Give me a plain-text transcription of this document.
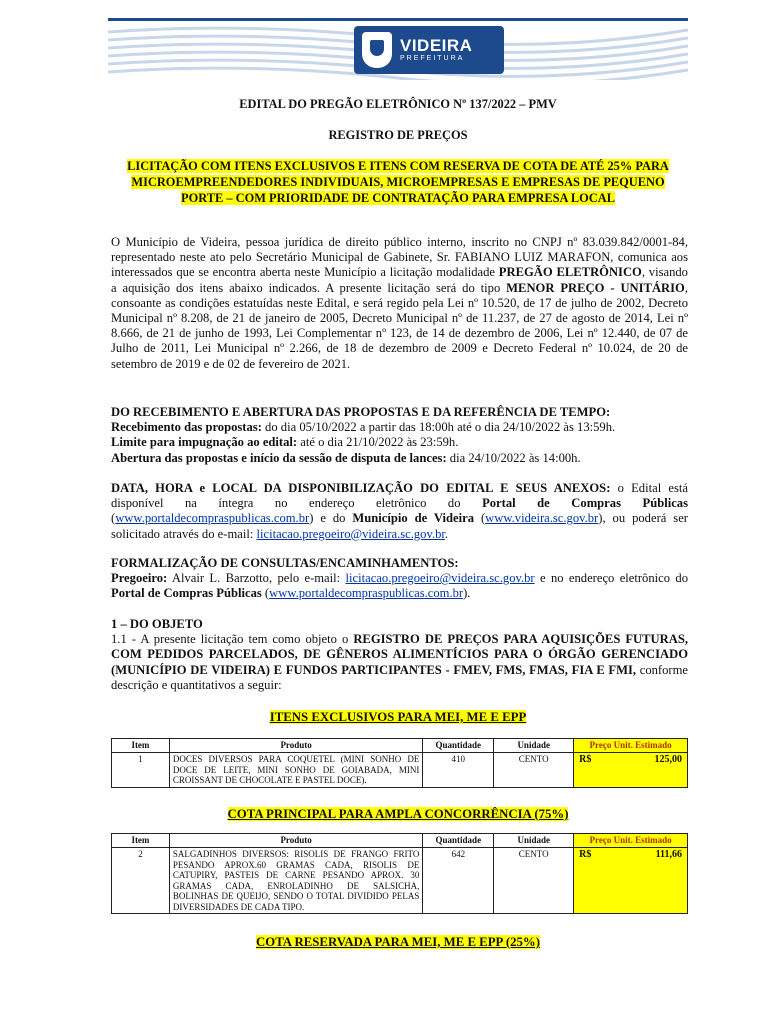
VIDEIRA
PREFEITURA
EDITAL DO PREGÃO ELETRÔNICO Nº 137/2022 – PMV
REGISTRO DE PREÇOS
LICITAÇÃO COM ITENS EXCLUSIVOS E ITENS COM RESERVA DE COTA DE ATÉ 25% PARA MICROEMPREENDEDORES INDIVIDUAIS, MICROEMPRESAS E EMPRESAS DE PEQUENO PORTE – COM PRIORIDADE DE CONTRATAÇÃO PARA EMPRESA LOCAL
O Município de Videira, pessoa jurídica de direito público interno, inscrito no CNPJ nº 83.039.842/0001-84, representado neste ato pelo Secretário Municipal de Gabinete, Sr. FABIANO LUIZ MARAFON, comunica aos interessados que se encontra aberta neste Município a licitação modalidade PREGÃO ELETRÔNICO, visando a aquisição dos itens abaixo indicados. A presente licitação será do tipo MENOR PREÇO - UNITÁRIO, consoante as condições estatuídas neste Edital, e será regido pela Lei nº 10.520, de 17 de julho de 2002, Decreto Municipal nº 8.208, de 21 de janeiro de 2005, Decreto Municipal nº de 11.237, de 27 de agosto de 2014, Lei nº 8.666, de 21 de junho de 1993, Lei Complementar nº 123, de 14 de dezembro de 2006, Lei nº 12.440, de 07 de Julho de 2011, Lei Municipal nº 2.266, de 18 de dezembro de 2009 e Decreto Federal nº 10.024, de 20 de setembro de 2019 e de 02 de fevereiro de 2021.
DO RECEBIMENTO E ABERTURA DAS PROPOSTAS E DA REFERÊNCIA DE TEMPO:
Recebimento das propostas: do dia 05/10/2022 a partir das 18:00h até o dia 24/10/2022 às 13:59h.
Limite para impugnação ao edital: até o dia 21/10/2022 às 23:59h.
Abertura das propostas e início da sessão de disputa de lances: dia 24/10/2022 às 14:00h.
DATA, HORA e LOCAL DA DISPONIBILIZAÇÃO DO EDITAL E SEUS ANEXOS: o Edital está disponível na íntegra no endereço eletrônico do Portal de Compras Públicas (www.portaldecompraspublicas.com.br) e do Município de Videira (www.videira.sc.gov.br), ou poderá ser solicitado através do e-mail: licitacao.pregoeiro@videira.sc.gov.br.
FORMALIZAÇÃO DE CONSULTAS/ENCAMINHAMENTOS:
Pregoeiro: Alvair L. Barzotto, pelo e-mail: licitacao.pregoeiro@videira.sc.gov.br e no endereço eletrônico do Portal de Compras Públicas (www.portaldecompraspublicas.com.br).
1 – DO OBJETO
1.1 - A presente licitação tem como objeto o REGISTRO DE PREÇOS PARA AQUISIÇÕES FUTURAS, COM PEDIDOS PARCELADOS, DE GÊNEROS ALIMENTÍCIOS PARA O ÓRGÃO GERENCIADO (MUNICÍPIO DE VIDEIRA) E FUNDOS PARTICIPANTES - FMEV, FMS, FMAS, FIA E FMI, conforme descrição e quantitativos a seguir:
ITENS EXCLUSIVOS PARA MEI, ME E EPP
Item	Produto	Quantidade	Unidade	Preço Unit. Estimado
1	DOCES DIVERSOS PARA COQUETEL (MINI SONHO DE DOCE DE LEITE, MINI SONHO DE GOIABADA, MINI CROISSANT DE CHOCOLATE E PASTEL DOCE).	410	CENTO	R$ 125,00
COTA PRINCIPAL PARA AMPLA CONCORRÊNCIA (75%)
Item	Produto	Quantidade	Unidade	Preço Unit. Estimado
2	SALGADINHOS DIVERSOS: RISOLIS DE FRANGO FRITO PESANDO APROX.60 GRAMAS CADA, RISOLIS DE CATUPIRY, PASTEIS DE CARNE PESANDO APROX. 30 GRAMAS CADA, ENROLADINHO DE SALSICHA, BOLINHAS DE QUEIJO, SENDO O TOTAL DIVIDIDO PELAS DIVERSIDADES DE CADA TIPO.	642	CENTO	R$ 111,66
COTA RESERVADA PARA MEI, ME E EPP (25%)
